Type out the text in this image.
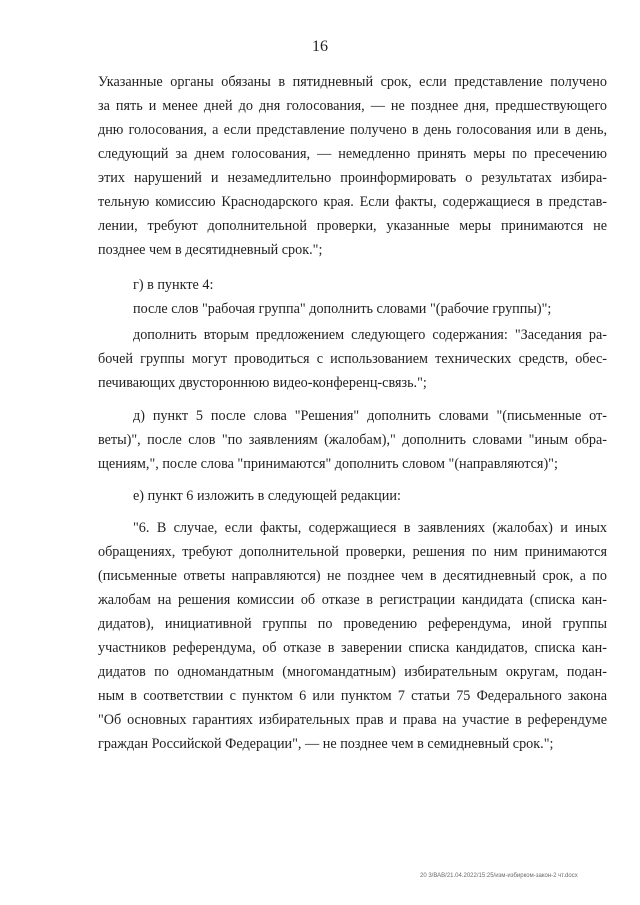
16
Указанные органы обязаны в пятидневный срок, если представление получено
за пять и менее дней до дня голосования, — не позднее дня, предшествующего
дню голосования, а если представление получено в день голосования или в день,
следующий за днем голосования, — немедленно принять меры по пресечению
этих нарушений и незамедлительно проинформировать о результатах избира-
тельную комиссию Краснодарского края. Если факты, содержащиеся в представ-
лении, требуют дополнительной проверки, указанные меры принимаются не
позднее чем в десятидневный срок.";
г) в пункте 4:
после слов "рабочая группа" дополнить словами "(рабочие группы)";
дополнить вторым предложением следующего содержания: "Заседания ра-
бочей группы могут проводиться с использованием технических средств, обес-
печивающих двустороннюю видео-конференц-связь.";
д) пункт 5 после слова "Решения" дополнить словами "(письменные от-
веты)", после слов "по заявлениям (жалобам)," дополнить словами "иным обра-
щениям,", после слова "принимаются" дополнить словом "(направляются)";
е) пункт 6 изложить в следующей редакции:
"6. В случае, если факты, содержащиеся в заявлениях (жалобах) и иных
обращениях, требуют дополнительной проверки, решения по ним принимаются
(письменные ответы направляются) не позднее чем в десятидневный срок, а по
жалобам на решения комиссии об отказе в регистрации кандидата (списка кан-
дидатов), инициативной группы по проведению референдума, иной группы
участников референдума, об отказе в заверении списка кандидатов, списка кан-
дидатов по одномандатным (многомандатным) избирательным округам, подан-
ным в соответствии с пунктом 6 или пунктом 7 статьи 75 Федерального закона
"Об основных гарантиях избирательных прав и права на участие в референдуме
граждан Российской Федерации", — не позднее чем в семидневный срок.";
20 3/ВАВ/21.04.2022/15:25/изм-избирком-закон-2 чт.docx
